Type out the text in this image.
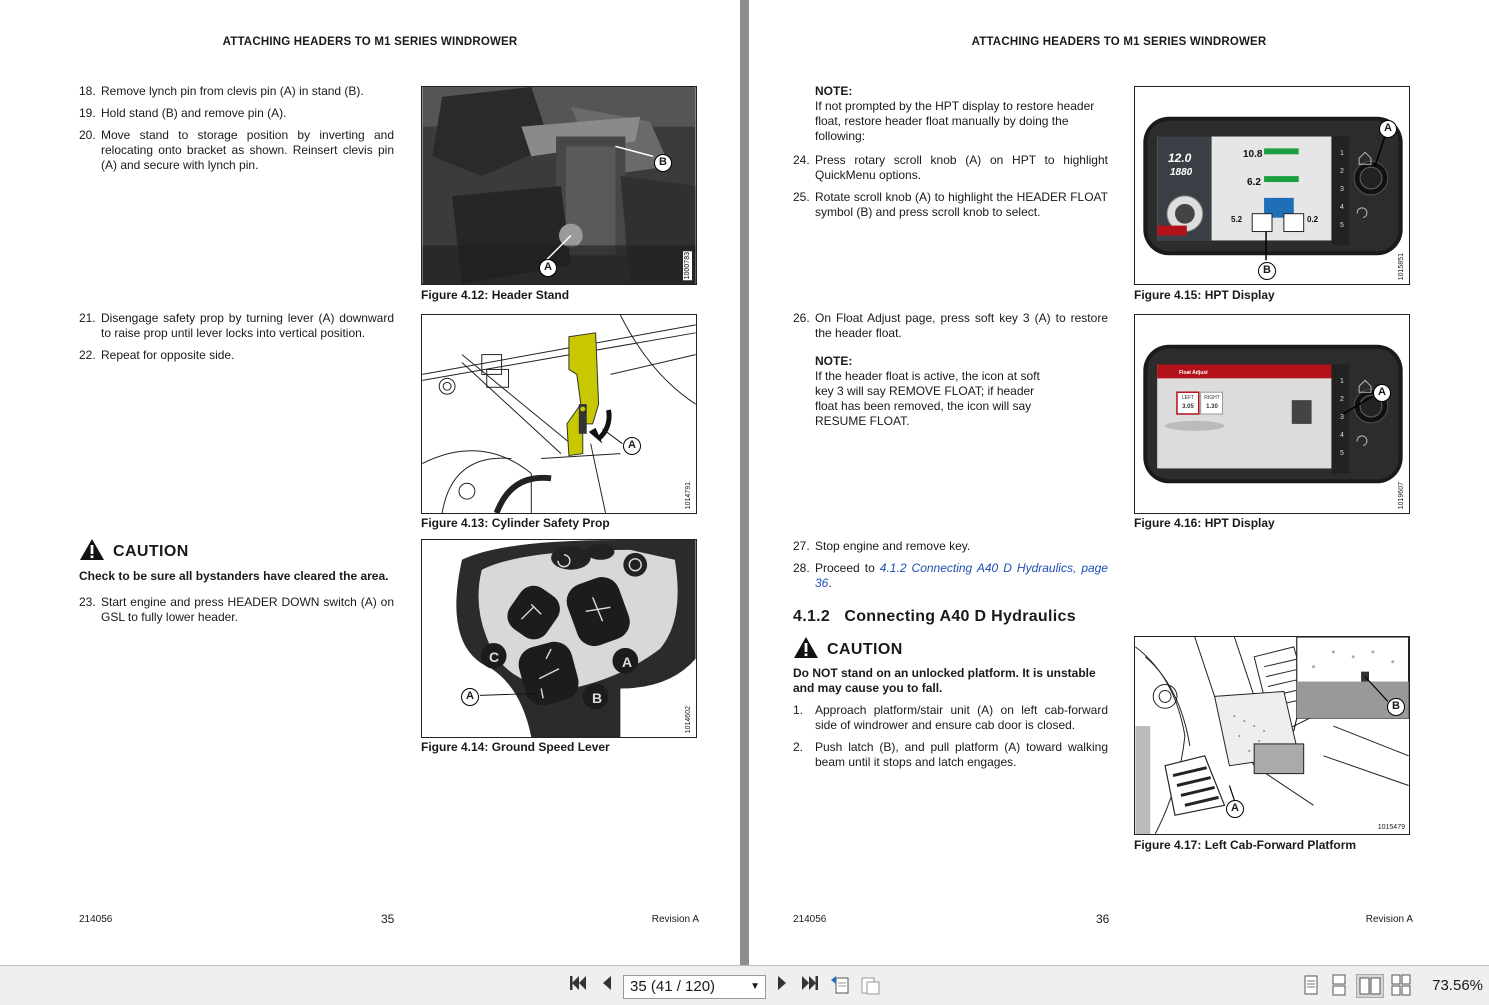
ATTACHING HEADERS TO M1 SERIES WINDROWER
18. Remove lynch pin from clevis pin (A) in stand (B).
19. Hold stand (B) and remove pin (A).
20. Move stand to storage position by inverting and relocating onto bracket as shown. Reinsert clevis pin (A) and secure with lynch pin.
21. Disengage safety prop by turning lever (A) downward to raise prop until lever locks into vertical position.
22. Repeat for opposite side.
CAUTION
Check to be sure all bystanders have cleared the area.
23. Start engine and press HEADER DOWN switch (A) on GSL to fully lower header.
A
B
1000783
Figure 4.12: Header Stand
A
1014791
Figure 4.13: Cylinder Safety Prop
C	A
B
A
1014602
Figure 4.14: Ground Speed Lever
214056	35	Revision A
ATTACHING HEADERS TO M1 SERIES WINDROWER
NOTE:
If not prompted by the HPT display to restore header float, restore header float manually by doing the following:
24. Press rotary scroll knob (A) on HPT to highlight QuickMenu options.
25. Rotate scroll knob (A) to highlight the HEADER FLOAT symbol (B) and press scroll knob to select.
26. On Float Adjust page, press soft key 3 (A) to restore the header float.
NOTE:
If the header float is active, the icon at soft key 3 will say REMOVE FLOAT; if header float has been removed, the icon will say RESUME FLOAT.
27. Stop engine and remove key.
28. Proceed to 4.1.2 Connecting A40 D Hydraulics, page 36.
4.1.2 Connecting A40 D Hydraulics
CAUTION
Do NOT stand on an unlocked platform. It is unstable and may cause you to fall.
1. Approach platform/stair unit (A) on left cab-forward side of windrower and ensure cab door is closed.
2. Push latch (B), and pull platform (A) toward walking beam until it stops and latch engages.
12.0
1880
10.8
6.2
5.2	0.2
1
2
3
4
5
A
B	1015851
Figure 4.15: HPT Display
Float Adjust
LEFT
3.05
RIGHT
1.30
1
2
3
4
5
A
1019607
Figure 4.16: HPT Display
B
A
1015479
Figure 4.17: Left Cab-Forward Platform
214056	36	Revision A
35 (41 / 120)	▼	73.56%
